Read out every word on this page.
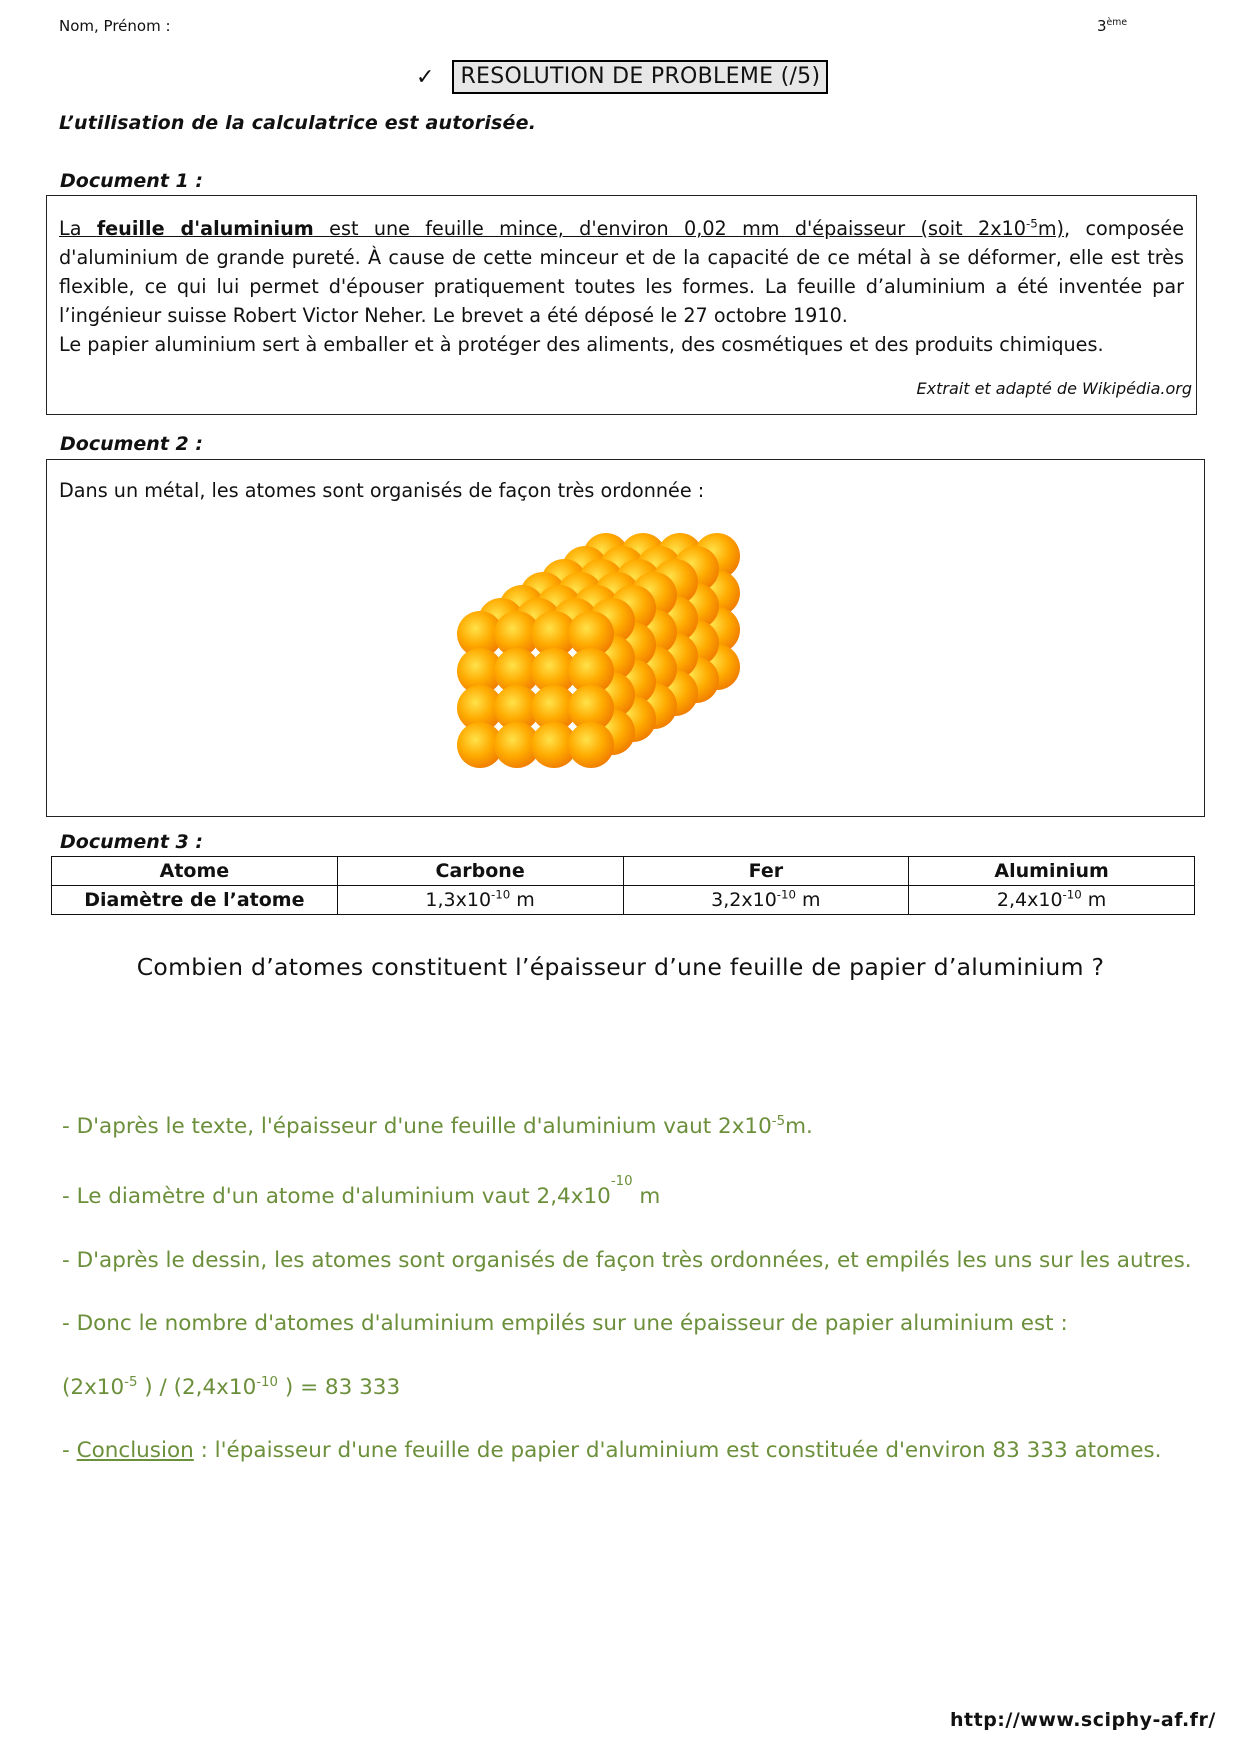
Nom, Prénom :	3ème
✓	RESOLUTION DE PROBLEME (/5)
L’utilisation de la calculatrice est autorisée.
Document 1 :

La feuille d'aluminium est une feuille mince, d'environ 0,02 mm d'épaisseur (soit $2x10^{-5}m$), composée d'aluminium de grande pureté. À cause de cette minceur et de la capacité de ce métal à se déformer, elle est très flexible, ce qui lui permet d'épouser pratiquement toutes les formes. La feuille d’aluminium a été inventée par l’ingénieur suisse Robert Victor Neher. Le brevet a été déposé le 27 octobre 1910.

Le papier aluminium sert à emballer et à protéger des aliments, des cosmétiques et des produits chimiques.

Extrait et adapté de Wikipédia.org
Document 2 :

Dans un métal, les atomes sont organisés de façon très ordonnée :

Document 3 :
Atome	Carbone	Fer	Aluminium
Diamètre de l’atome	$1,3x10^{-10}$ m	$3,2x10^{-10}$ m	$2,4x10^{-10}$ m
Combien d’atomes constituent l’épaisseur d’une feuille de papier d’aluminium ?
- D'après le texte, l'épaisseur d'une feuille d'aluminium vaut $2x10^{-5}m$.
- Le diamètre d'un atome d'aluminium vaut $2,4x10^{-10}$ m
- D'après le dessin, les atomes sont organisés de façon très ordonnées, et empilés les uns sur les autres.
- Donc le nombre d'atomes d'aluminium empilés sur une épaisseur de papier aluminium est :
($2x10^{-5}$ ) / ($2,4x10^{-10}$ ) = 83 333
- Conclusion : l'épaisseur d'une feuille de papier d'aluminium est constituée d'environ 83 333 atomes.
http://www.sciphy-af.fr/
